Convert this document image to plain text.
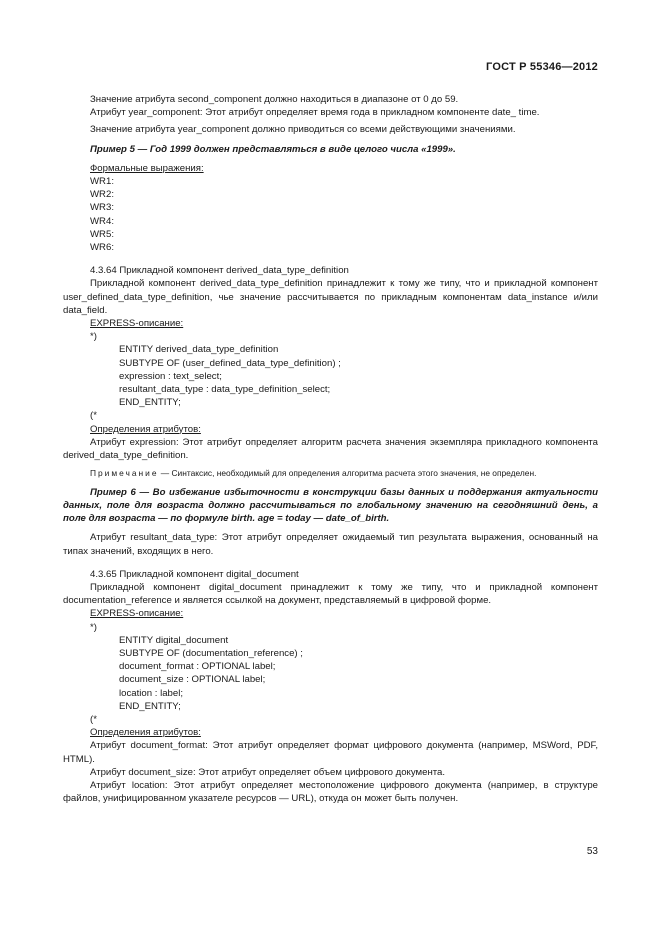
ГОСТ Р 55346—2012

Значение атрибута second_component должно находиться в диапазоне от 0 до 59.

Атрибут year_component: Этот атрибут определяет время года в прикладном компоненте date_ time.

Значение атрибута year_component должно приводиться со всеми действующими значениями.

Пример 5 — Год 1999 должен представляться в виде целого числа «1999».

Формальные выражения:

WR1:

WR2:

WR3:

WR4:

WR5:

WR6:

4.3.64 Прикладной компонент derived_data_type_definition

Прикладной компонент derived_data_type_definition принадлежит к тому же типу, что и прикладной компонент user_defined_data_type_definition, чье значение рассчитывается по прикладным компонентам data_instance и/или data_field.

EXPRESS-описание:

*)

ENTITY derived_data_type_definition

SUBTYPE OF (user_defined_data_type_definition) ;

expression : text_select;

resultant_data_type : data_type_definition_select;

END_ENTITY;

(*

Определения атрибутов:

Атрибут expression: Этот атрибут определяет алгоритм расчета значения экземпляра прикладного компонента derived_data_type_definition.

Примечание — Синтаксис, необходимый для определения алгоритма расчета этого значения, не определен.

Пример 6 — Во избежание избыточности в конструкции базы данных и поддержания актуальности данных, поле для возраста должно рассчитываться по глобальному значению на сегодняшний день, а поле для возраста — по формуле birth. age = today — date_of_birth.

Атрибут resultant_data_type: Этот атрибут определяет ожидаемый тип результата выражения, основанный на типах значений, входящих в него.

4.3.65 Прикладной компонент digital_document

Прикладной компонент digital_document принадлежит к тому же типу, что и прикладной компонент documentation_reference и является ссылкой на документ, представляемый в цифровой форме.

EXPRESS-описание:

*)

ENTITY digital_document

SUBTYPE OF (documentation_reference) ;

document_format : OPTIONAL label;

document_size : OPTIONAL label;

location : label;

END_ENTITY;

(*

Определения атрибутов:

Атрибут document_format: Этот атрибут определяет формат цифрового документа (например, MSWord, PDF, HTML).

Атрибут document_size: Этот атрибут определяет объем цифрового документа.

Атрибут location: Этот атрибут определяет местоположение цифрового документа (например, в структуре файлов, унифицированном указателе ресурсов — URL), откуда он может быть получен.

53
